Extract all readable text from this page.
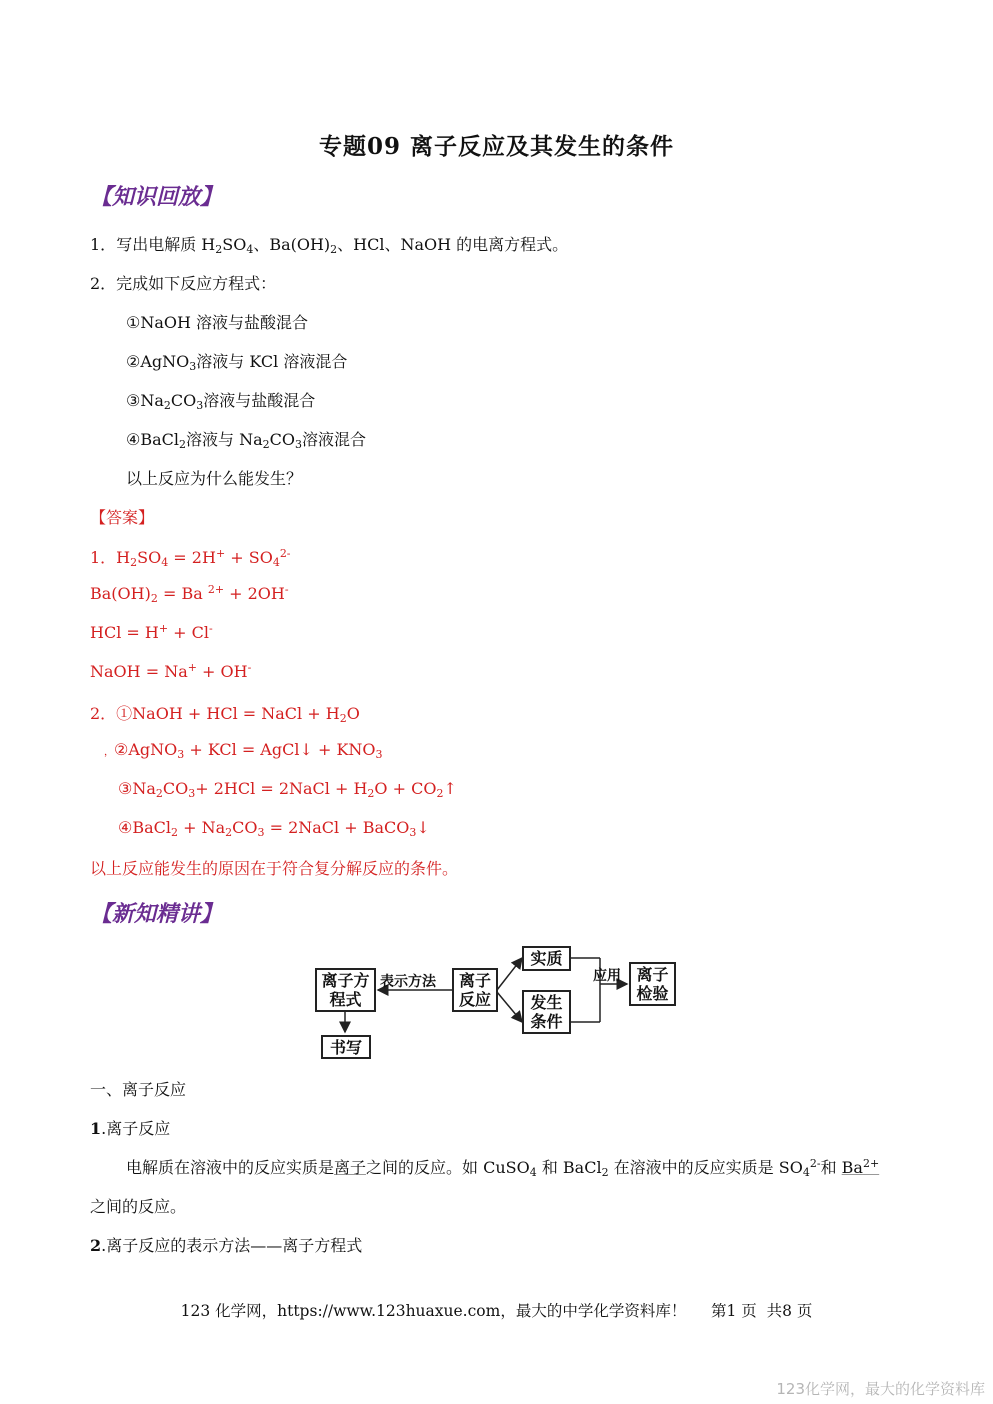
专题09 离子反应及其发生的条件
【知识回放】
1．写出电解质 $H_2SO_4$、$Ba(OH)_2$、HCl、NaOH 的电离方程式。
2．完成如下反应方程式：
①NaOH 溶液与盐酸混合
②AgNO$_3$溶液与 KCl 溶液混合
$③Na_2CO_3$溶液与盐酸混合
④BaCl$_2$溶液与 $Na_2CO_3$溶液混合
以上反应为什么能发生？
【答案】
1．$H_2SO_4 = 2H^+ + SO_4^{2-}$
$Ba(OH)_2 = Ba$ $^{2+}$ + 2OH-
HCl = H+ + Cl-
NaOH = Na+ + OH-
2．①NaOH + HCl = NaCl + $H_2O$
，②AgNO$_3$ + KCl = AgCl↓ + $KNO_3$
$③Na_2CO_3+ 2HCl$ = 2NaCl + $H_2O$ + $CO_2↑$
④BaCl$_2$ + $Na_2CO_3$ = 2NaCl + BaCO$_3$↓
以上反应能发生的原因在于符合复分解反应的条件。
【新知精讲】
离子方
程式
离子
反应
实质
发生
条件
离子
检验
书写
表示方法	应用
一、离子反应
1.离子反应
电解质在溶液中的反应实质是离子之间的反应。如 CuSO$_4$ 和 BaCl$_2$ 在溶液中的反应实质是 $SO_4^{2-}$和 $Ba^{2+}$
之间的反应。
2.离子反应的表示方法——离子方程式
123 化学网，https://www.123huaxue.com，最大的中学化学资料库！     第1 页  共8 页
123化学网，最大的化学资料库
